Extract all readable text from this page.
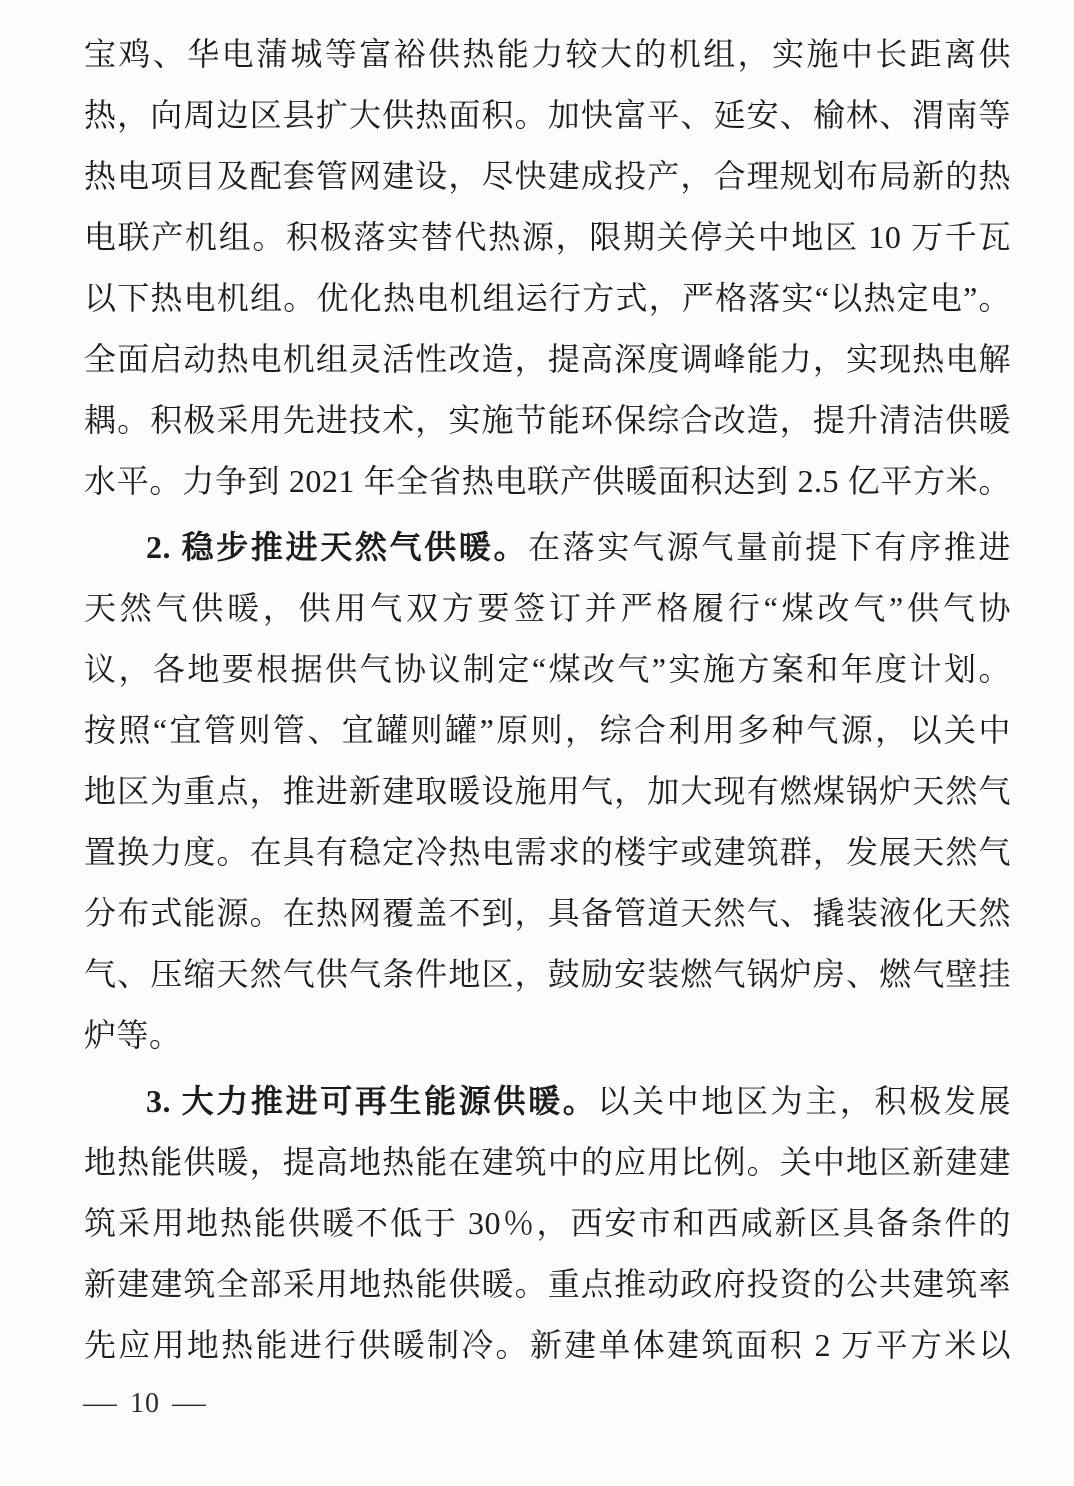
宝鸡、华电蒲城等富裕供热能力较大的机组，实施中长距离供
热，向周边区县扩大供热面积。加快富平、延安、榆林、渭南等
热电项目及配套管网建设，尽快建成投产，合理规划布局新的热
电联产机组。积极落实替代热源，限期关停关中地区 10 万千瓦
以下热电机组。优化热电机组运行方式，严格落实“以热定电”。
全面启动热电机组灵活性改造，提高深度调峰能力，实现热电解
耦。积极采用先进技术，实施节能环保综合改造，提升清洁供暖
水平。力争到 2021 年全省热电联产供暖面积达到 2.5 亿平方米。
2. 稳步推进天然气供暖。在落实气源气量前提下有序推进
天然气供暖，供用气双方要签订并严格履行“煤改气”供气协
议，各地要根据供气协议制定“煤改气”实施方案和年度计划。
按照“宜管则管、宜罐则罐”原则，综合利用多种气源，以关中
地区为重点，推进新建取暖设施用气，加大现有燃煤锅炉天然气
置换力度。在具有稳定冷热电需求的楼宇或建筑群，发展天然气
分布式能源。在热网覆盖不到，具备管道天然气、撬装液化天然
气、压缩天然气供气条件地区，鼓励安装燃气锅炉房、燃气壁挂
炉等。
3. 大力推进可再生能源供暖。以关中地区为主，积极发展
地热能供暖，提高地热能在建筑中的应用比例。关中地区新建建
筑采用地热能供暖不低于 30％，西安市和西咸新区具备条件的
新建建筑全部采用地热能供暖。重点推动政府投资的公共建筑率
先应用地热能进行供暖制冷。新建单体建筑面积 2 万平方米以
— 10 —
